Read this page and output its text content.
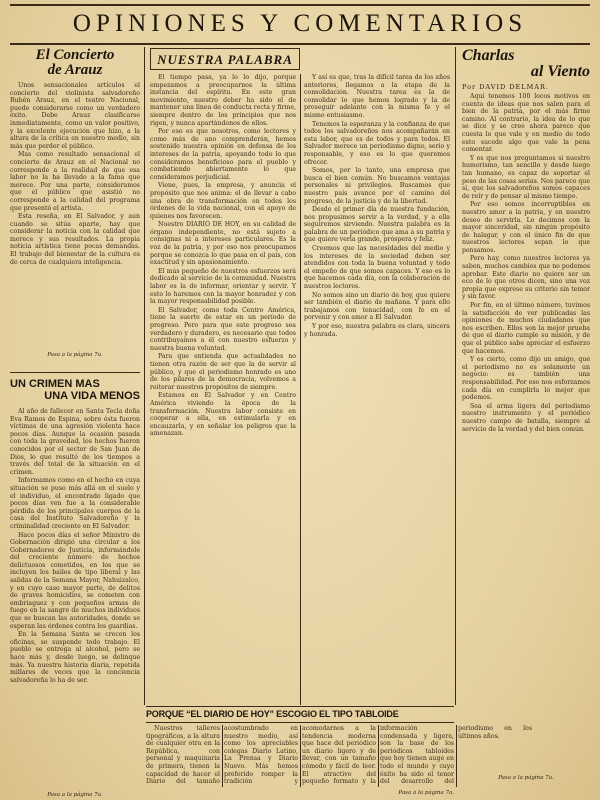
OPINIONES Y COMENTARIOS
El Concierto
de Arauz

Unos sensacionales artículos el concierto del violinista salvadoreño Rubén Arauz, en el teatro Nacional, puede considerarse como un verdadero éxito. Debe Arauz clasificarse inmediatamente, como un valor positivo, y la excelente ejecución que hizo, a la altura de la crítica en nuestro medio, sin más que perder el público.

Mas como resultado sensacional el concierto de Arauz en el Nacional no corresponde a la realidad de que esa labor no la ha llevado a la fama que merece. Por una parte, consideramos que el público que asistió no corresponde a la calidad del programa que presentó el artista.

Esta reseña, en El Salvador, y aun cuando se sitúa aparte, hay que considerar la noticia con la calidad que merece y sus resultados. La propia noticia artística tiene pocas demandas. El trabajo del bienestar de la cultura es de cerca de cualquiera inteligencia.

Pasa a la página 7a.
UN CRIMEN MAS
UNA VIDA MENOS

Al año de fallecer en Santa Tecla doña Eva Ramos de Espina, sobre ésta fueron víctimas de una agresión violenta hace pocos días. Aunque la ocasión pasada con toda la gravedad, los hechos fueron conocidos por el sector de San Juan de Dios, lo que resultó de los tiempos a través del total de la situación en el crimen.

Informamos como en el hecho en cuya situación se puso más allá en el suelo y el individuo, el encontrado ligado que pocos días ven fue a la considerable pérdida de los principales cuerpos de la casa del Instituto Salvadoreño y la criminalidad creciente en El Salvador.

Hace pocos días el señor Ministro de Gobernación dirigió una circular a los Gobernadores de Justicia, informándole del creciente número de hechos delictuosos cometidos, en los que se incluyen los bailes de tipo liberal y las salidas de la Semana Mayor, Nahuizalco, y en cuyo caso mayor parte, de delitos de graves homicidios, se cometen con embriaguez y con pequeños armas de fuego en la sangre de muchos individuos que se buscan las autoridades, donde se esperan las órdenes contra los guardias.

En la Semana Santa se crecen los oficinas, se suspende todo trabajo. El pueblo se entrega al alcohol, pero se hace más y, desde luego, se delinque más. Ya nuestra historia diaria, repetida millares de veces que la conciencia salvadoreña lo ha de ser.

Pasa a la página 7a.
NUESTRA PALABRA

El tiempo pasa, ya lo lo dijo, porque empezamos a preocuparnos la última instancia del espíritu. En este gran movimiento, nuestro deber ha sido el de mantener una línea de conducta recta y firme, siempre dentro de los principios que nos rigen, y nunca apartándonos de ellos.

Por eso es que nosotros, como lectores y como más de uno comprenderán, hemos sostenido nuestra opinión en defensa de los intereses de la patria, apoyando todo lo que consideramos beneficioso para el pueblo y combatiendo abiertamente lo que consideramos perjudicial.

Viene, pues, la empresa, y anuncia el propósito que nos anima: el de llevar a cabo una obra de transformación en todos los órdenes de la vida nacional, con el apoyo de quienes nos favorecen.

Nuestro DIARIO DE HOY, en su calidad de órgano independiente, no está sujeto a consignas ni a intereses particulares. Es la voz de la patria, y por eso nos preocupamos porque se conozca lo que pasa en el país, con exactitud y sin apasionamiento.

El más pequeño de nuestros esfuerzos será dedicado al servicio de la comunidad. Nuestra labor es la de informar, orientar y servir. Y esto lo haremos con la mayor honradez y con la mayor responsabilidad posible.

El Salvador, como toda Centro América, tiene la suerte de estar en un período de progreso. Pero para que este progreso sea verdadero y duradero, es necesario que todos contribuyamos a él con nuestro esfuerzo y nuestra buena voluntad.

Para que entienda que actualidades no tienen otra razón de ser que la de servir al público, y que el periodismo honrado es uno de los pilares de la democracia, volvemos a reiterar nuestros propósitos de siempre.

Estamos en El Salvador y en Centro América viviendo la época de la transformación. Nuestra labor consiste en cooperar a ella, en estimularla y en encauzarla, y en señalar los peligros que la amenazan.

Y así es que, tras la difícil tarea de los años anteriores, llegamos a la etapa de la consolidación. Nuestra tarea es la de consolidar lo que hemos logrado y la de proseguir adelante con la misma fe y el mismo entusiasmo.

Tenemos la esperanza y la confianza de que todos los salvadoreños nos acompañarán en esta labor, que es de todos y para todos. El Salvador merece un periodismo digno, serio y responsable, y eso es lo que queremos ofrecer.

Somos, por lo tanto, una empresa que busca el bien común. No buscamos ventajas personales ni privilegios. Buscamos que nuestro país avance por el camino del progreso, de la justicia y de la libertad.

Desde el primer día de nuestra fundación, nos propusimos servir a la verdad, y a ella seguiremos sirviendo. Nuestra palabra es la palabra de un periódico que ama a su patria y que quiere verla grande, próspera y feliz.

Creemos que las necesidades del medio y los intereses de la sociedad deben ser atendidos con toda la buena voluntad y todo el empeño de que somos capaces. Y eso es lo que hacemos cada día, con la colaboración de nuestros lectores.

No somos sino un diario de hoy, que quiere ser también el diario de mañana. Y para ello trabajamos con tenacidad, con fe en el porvenir y con amor a El Salvador.

Y por eso, nuestra palabra es clara, sincera y honrada.

Charlas
al Viento
Por DAVID DELMAR.

Aquí tenemos 100 locos motivos en cuenta de ideas que nos salen para el bien de la patria, por el más firme camino. Al contrario, la idea de lo que se dice y se cree ahora parece que cuesta lo que vale y en medio de todo esto sucede algo que vale la pena comentar.

Y es que nos preguntamos si nuestro humorismo, tan sencillo y desde luego tan humano, es capaz de soportar el peso de las cosas serias. Nos parece que sí, que los salvadoreños somos capaces de reír y de pensar al mismo tiempo.

Por eso somos incorruptibles en nuestro amor a la patria, y en nuestro deseo de servirla. Lo decimos con la mayor sinceridad, sin ningún propósito de halagar, y con el único fin de que nuestros lectores sepan lo que pensamos.

Pero hay, como nuestros lectores ya saben, muchos cambios que no podemos aprobar. Este diario no quiere ser un eco de lo que otros dicen, sino una voz propia que exprese su criterio sin temor y sin favor.

Por fin, en el último número, tuvimos la satisfacción de ver publicadas las opiniones de muchos ciudadanos que nos escriben. Ellos son la mejor prueba de que el diario cumple su misión, y de que el público sabe apreciar el esfuerzo que hacemos.

Y es cierto, como dijo un amigo, que el periodismo no es solamente un negocio: es también una responsabilidad. Por eso nos esforzamos cada día en cumplirla lo mejor que podemos.

Sea el arma ligera del periodismo nuestro instrumento y el periódico nuestro campo de batalla, siempre al servicio de la verdad y del bien común.

Pasa a la página 7a.
PORQUE “EL DIARIO DE HOY” ESCOGIO EL TIPO TABLOIDE

Nuestros talleres tipográficos, a la altura de cualquier otra en la República, con personal y maquinaria de primera, tienen la capacidad de hacer el Diario del tamaño acostumbrado en nuestro medio, así como los apreciables colegas Diario Latino, La Prensa y Diario Nuevo. Más hemos preferido romper la tradición y acomodarnos a la tendencia moderna que hace del periódico un diario ligero y de llevar, con un tamaño cómodo y fácil de leer. El atractivo del pequeño formato y la información condensada y ligera, son la base de los periódicos tabloides que hoy tienen auge en todo el mundo y cuyo éxito ha sido el tenor del desarrollo del periodismo en los últimos años.

Pasa a la página 7a.
